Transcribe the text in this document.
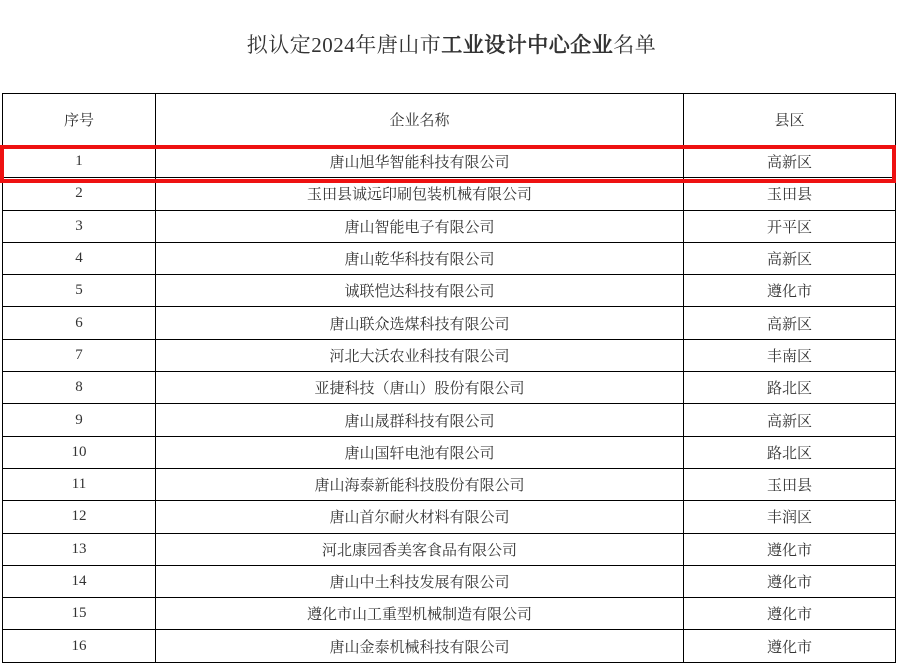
拟认定2024年唐山市工业设计中心企业名单
序号	企业名称	县区
1	唐山旭华智能科技有限公司	高新区
2	玉田县诚远印刷包装机械有限公司	玉田县
3	唐山智能电子有限公司	开平区
4	唐山乾华科技有限公司	高新区
5	诚联恺达科技有限公司	遵化市
6	唐山联众选煤科技有限公司	高新区
7	河北大沃农业科技有限公司	丰南区
8	亚捷科技（唐山）股份有限公司	路北区
9	唐山晟群科技有限公司	高新区
10	唐山国轩电池有限公司	路北区
11	唐山海泰新能科技股份有限公司	玉田县
12	唐山首尔耐火材料有限公司	丰润区
13	河北康园香美客食品有限公司	遵化市
14	唐山中土科技发展有限公司	遵化市
15	遵化市山工重型机械制造有限公司	遵化市
16	唐山金泰机械科技有限公司	遵化市
